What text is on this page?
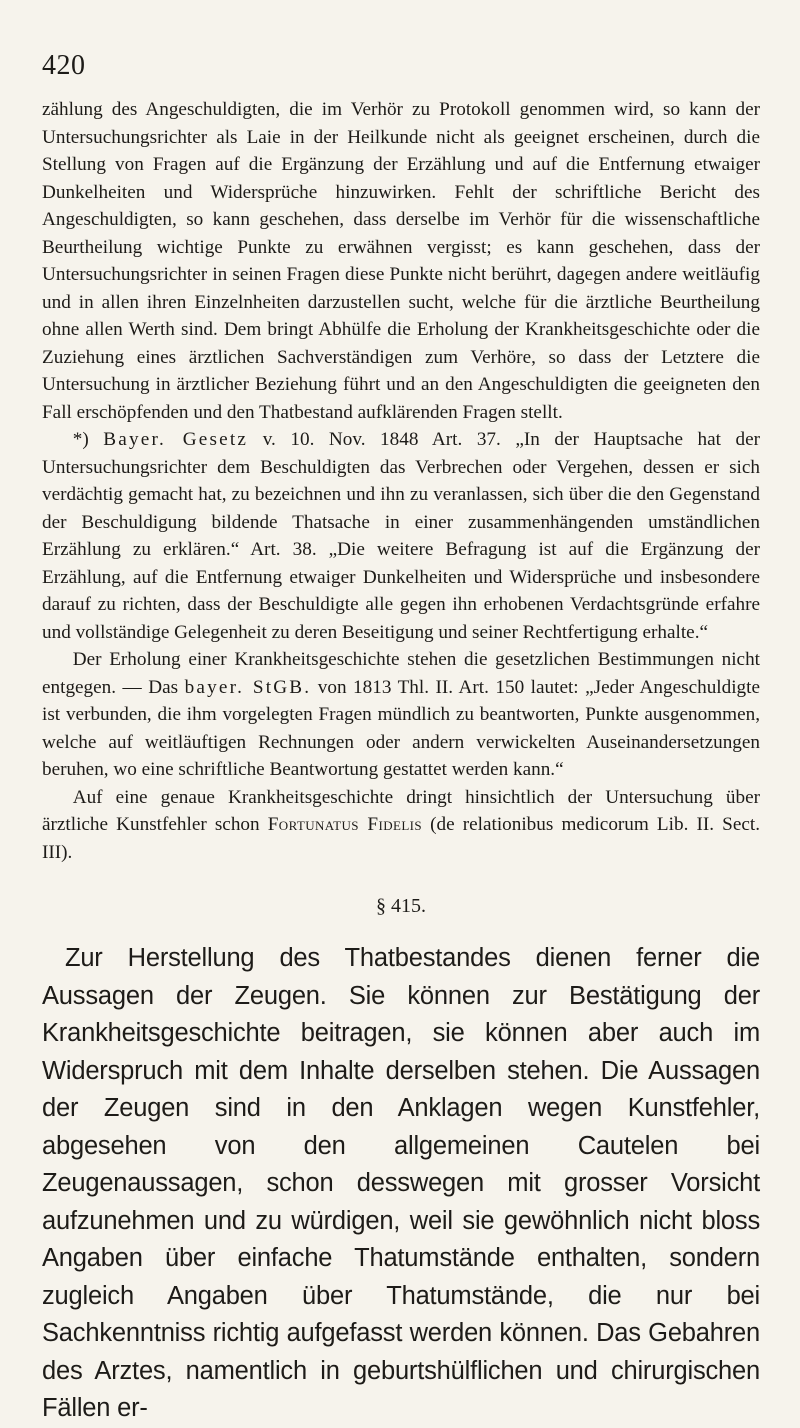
420

zählung des Angeschuldigten, die im Verhör zu Protokoll genommen wird, so kann der Untersuchungsrichter als Laie in der Heilkunde nicht als geeignet erscheinen, durch die Stellung von Fragen auf die Ergänzung der Erzählung und auf die Entfernung etwaiger Dunkelheiten und Widersprüche hinzuwirken. Fehlt der schriftliche Bericht des Angeschuldigten, so kann geschehen, dass derselbe im Verhör für die wissenschaftliche Beurtheilung wichtige Punkte zu erwähnen vergisst; es kann geschehen, dass der Untersuchungsrichter in seinen Fragen diese Punkte nicht berührt, dagegen andere weitläufig und in allen ihren Einzelnheiten darzustellen sucht, welche für die ärztliche Beurtheilung ohne allen Werth sind. Dem bringt Abhülfe die Erholung der Krankheitsgeschichte oder die Zuziehung eines ärztlichen Sachverständigen zum Verhöre, so dass der Letztere die Untersuchung in ärztlicher Beziehung führt und an den Angeschuldigten die geeigneten den Fall erschöpfenden und den Thatbestand aufklärenden Fragen stellt.

*) Bayer. Gesetz v. 10. Nov. 1848 Art. 37. „In der Hauptsache hat der Untersuchungsrichter dem Beschuldigten das Verbrechen oder Vergehen, dessen er sich verdächtig gemacht hat, zu bezeichnen und ihn zu veranlassen, sich über die den Gegenstand der Beschuldigung bildende Thatsache in einer zusammenhängenden umständlichen Erzählung zu erklären.“ Art. 38. „Die weitere Befragung ist auf die Ergänzung der Erzählung, auf die Entfernung etwaiger Dunkelheiten und Widersprüche und insbesondere darauf zu richten, dass der Beschuldigte alle gegen ihn erhobenen Verdachtsgründe erfahre und vollständige Gelegenheit zu deren Beseitigung und seiner Rechtfertigung erhalte.“

Der Erholung einer Krankheitsgeschichte stehen die gesetzlichen Bestimmungen nicht entgegen. — Das bayer. StGB. von 1813 Thl. II. Art. 150 lautet: „Jeder Angeschuldigte ist verbunden, die ihm vorgelegten Fragen mündlich zu beantworten, Punkte ausgenommen, welche auf weitläuftigen Rechnungen oder andern verwickelten Auseinandersetzungen beruhen, wo eine schriftliche Beantwortung gestattet werden kann.“

Auf eine genaue Krankheitsgeschichte dringt hinsichtlich der Untersuchung über ärztliche Kunstfehler schon Fortunatus Fidelis (de relationibus medicorum Lib. II. Sect. III).

§ 415.

Zur Herstellung des Thatbestandes dienen ferner die Aussagen der Zeugen. Sie können zur Bestätigung der Krankheitsgeschichte beitragen, sie können aber auch im Widerspruch mit dem Inhalte derselben stehen. Die Aussagen der Zeugen sind in den Anklagen wegen Kunstfehler, abgesehen von den allgemeinen Cautelen bei Zeugenaussagen, schon desswegen mit grosser Vorsicht aufzunehmen und zu würdigen, weil sie gewöhnlich nicht bloss Angaben über einfache Thatumstände enthalten, sondern zugleich Angaben über Thatumstände, die nur bei Sachkenntniss richtig aufgefasst werden können. Das Gebahren des Arztes, namentlich in geburtshülflichen und chirurgischen Fällen er-
